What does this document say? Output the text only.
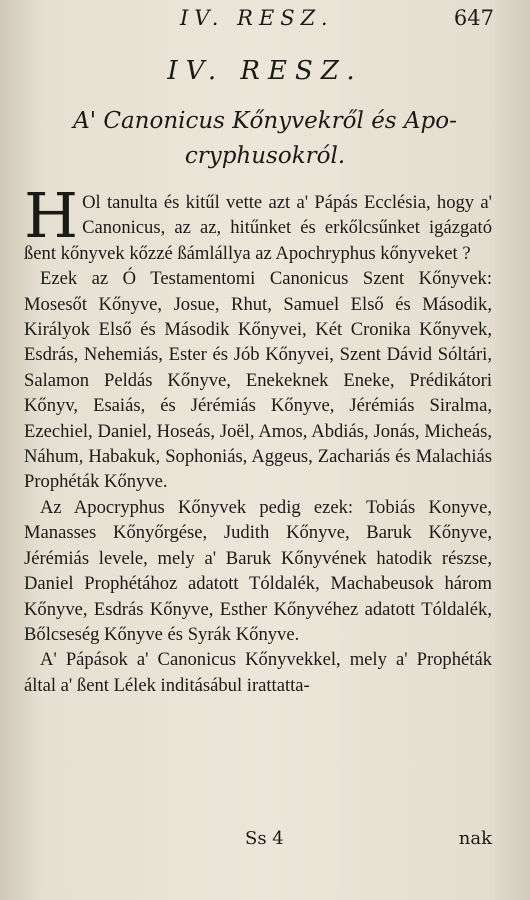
IV. RESZ.	647
IV. RESZ.
A' Canonicus Kőnyvekről és Apo-
cryphusokról.

H Ol tanulta és kitűl vette azt a' Pápás Ecclésia, hogy a' Canonicus, az az, hitűnket és erkőlcsűnket igázgató ßent kőnyvek kőzzé ßámlállya az Apochryphus kőnyveket ?

Ezek az Ó Testamentomi Canonicus Szent Kőnyvek: Mosesőt Kőnyve, Josue, Rhut, Samuel Első és Második, Királyok Első és Második Kőnyvei, Két Cronika Kőnyvek, Esdrás, Nehemiás, Ester és Jób Kőnyvei, Szent Dávid Sóltári, Salamon Peldás Kőnyve, Enekeknek Eneke, Prédikátori Kőnyv, Esaiás, és Jérémiás Kőnyve, Jérémiás Siralma, Ezechiel, Daniel, Hoseás, Joël, Amos, Abdiás, Jonás, Micheás, Náhum, Habakuk, Sophoniás, Aggeus, Zachariás és Malachiás Prophéták Kőnyve.

Az Apocryphus Kőnyvek pedig ezek: Tobiás Konyve, Manasses Kőnyőrgése, Judith Kőnyve, Baruk Kőnyve, Jérémiás levele, mely a' Baruk Kőnyvének hatodik részse, Daniel Prophétához adatott Tóldalék, Machabeusok három Kőnyve, Esdrás Kőnyve, Esther Kőnyvéhez adatott Tóldalék, Bőlcseség Kőnyve és Syrák Kőnyve.

A' Pápások a' Canonicus Kőnyvekkel, mely a' Prophéták által a' ßent Lélek inditásábul irattatta-

Ss 4	nak
